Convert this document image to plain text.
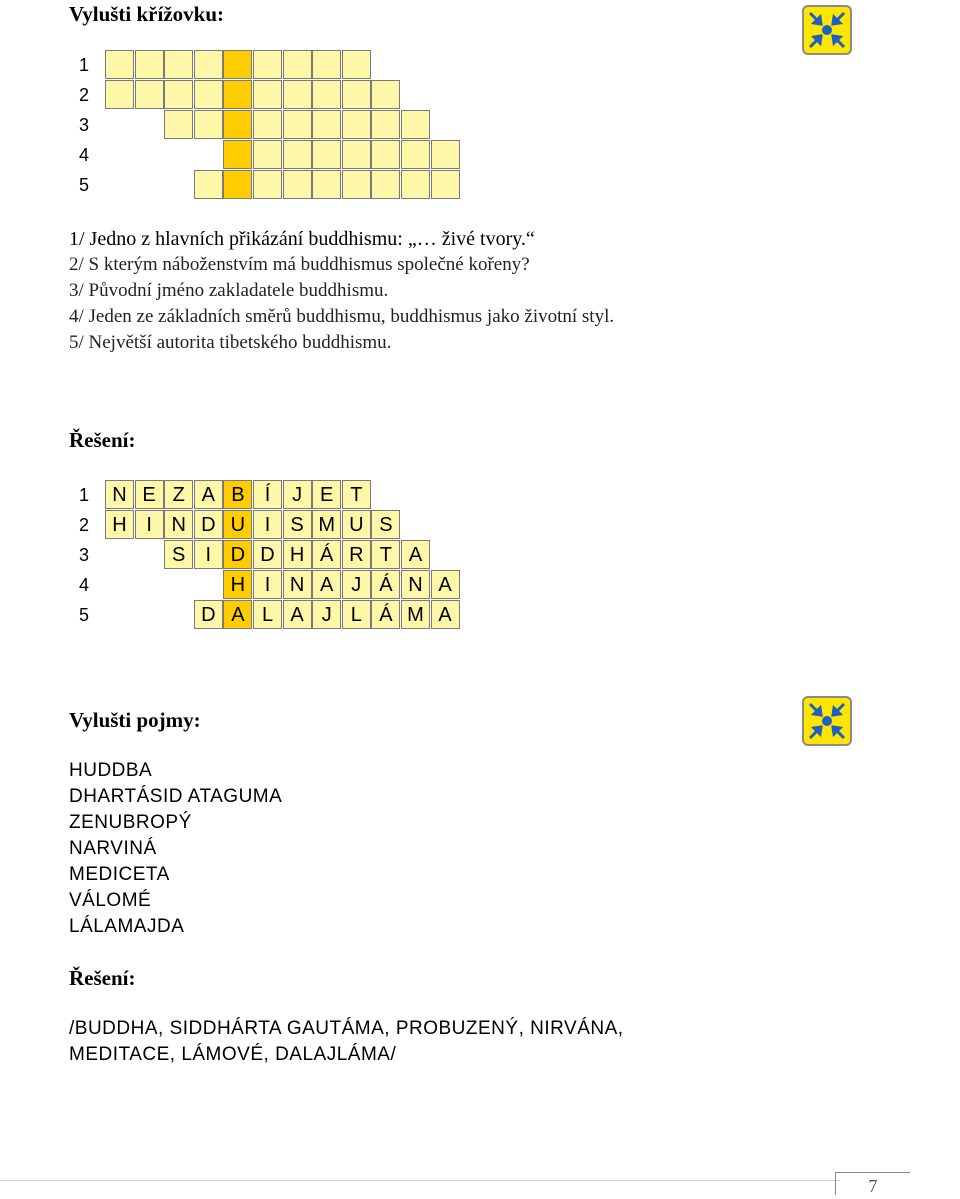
Vylušti křížovku:
1
2
3
4
5
1/ Jedno z hlavních přikázání buddhismu: „… živé tvory.“
2/ S kterým náboženstvím má buddhismus společné kořeny?
3/ Původní jméno zakladatele buddhismu.
4/ Jeden ze základních směrů buddhismu, buddhismus jako životní styl.
5/ Největší autorita tibetského buddhismu.
Řešení:
1	N E Z A B	Í	J E T
2	H I N D U I	S M U S
3	S	I D D H Á R T A
4	H I N A J Á N A
5	D A L A J L Á M A
Vylušti pojmy:
HUDDBA
DHARTÁSID ATAGUMA
ZENUBROPÝ
NARVINÁ
MEDICETA
VÁLOMÉ
LÁLAMAJDA
Řešení:
/BUDDHA, SIDDHÁRTA GAUTÁMA, PROBUZENÝ, NIRVÁNA,
MEDITACE, LÁMOVÉ, DALAJLÁMA/
7
